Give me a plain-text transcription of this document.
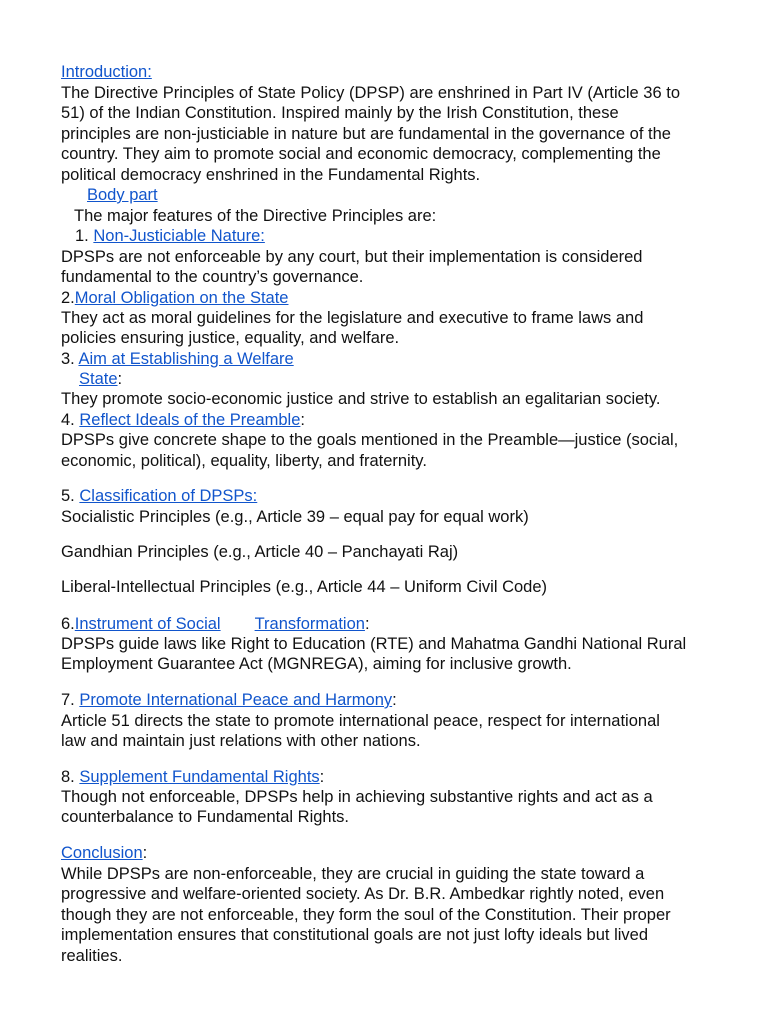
Introduction:
The Directive Principles of State Policy (DPSP) are enshrined in Part IV (Article 36 to
51) of the Indian Constitution. Inspired mainly by the Irish Constitution, these
principles are non-justiciable in nature but are fundamental in the governance of the
country. They aim to promote social and economic democracy, complementing the
political democracy enshrined in the Fundamental Rights.
Body part
The major features of the Directive Principles are:
1. Non-Justiciable Nature:
DPSPs are not enforceable by any court, but their implementation is considered
fundamental to the country’s governance.
2.Moral Obligation on the State
They act as moral guidelines for the legislature and executive to frame laws and
policies ensuring justice, equality, and welfare.
3. Aim at Establishing a Welfare
State:
They promote socio-economic justice and strive to establish an egalitarian society.
4. Reflect Ideals of the Preamble:
DPSPs give concrete shape to the goals mentioned in the Preamble—justice (social,
economic, political), equality, liberty, and fraternity.
5. Classification of DPSPs:
Socialistic Principles (e.g., Article 39 – equal pay for equal work)
Gandhian Principles (e.g., Article 40 – Panchayati Raj)
Liberal-Intellectual Principles (e.g., Article 44 – Uniform Civil Code)
6.Instrument of Social Transformation:
DPSPs guide laws like Right to Education (RTE) and Mahatma Gandhi National Rural
Employment Guarantee Act (MGNREGA), aiming for inclusive growth.
7. Promote International Peace and Harmony:
Article 51 directs the state to promote international peace, respect for international
law and maintain just relations with other nations.
8. Supplement Fundamental Rights:
Though not enforceable, DPSPs help in achieving substantive rights and act as a
counterbalance to Fundamental Rights.
Conclusion:
While DPSPs are non-enforceable, they are crucial in guiding the state toward a
progressive and welfare-oriented society. As Dr. B.R. Ambedkar rightly noted, even
though they are not enforceable, they form the soul of the Constitution. Their proper
implementation ensures that constitutional goals are not just lofty ideals but lived
realities.
